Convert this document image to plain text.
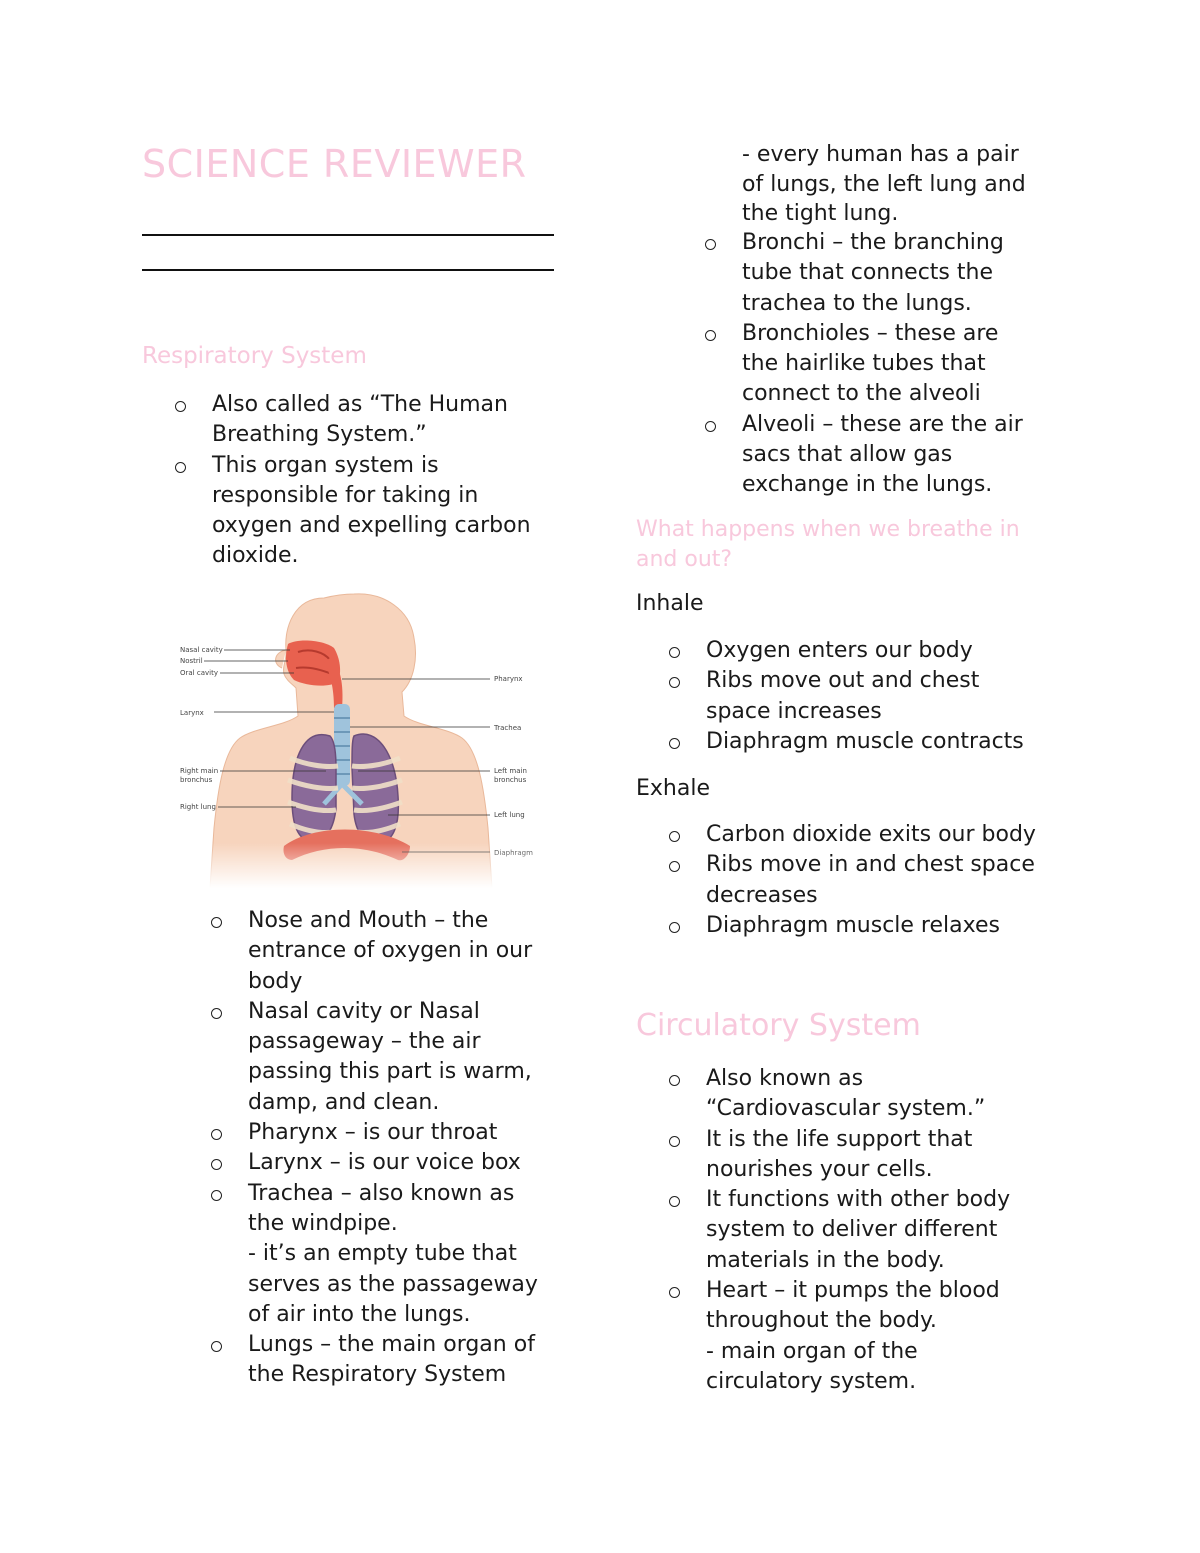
SCIENCE REVIEWER
Respiratory System
Also called as “The Human
Breathing System.”
This organ system is
responsible for taking in
oxygen and expelling carbon
dioxide.
Nose and Mouth – the
entrance of oxygen in our
body
Nasal cavity or Nasal
passageway – the air
passing this part is warm,
damp, and clean.
Pharynx – is our throat
Larynx – is our voice box
Trachea – also known as
the windpipe.
- it’s an empty tube that
serves as the passageway
of air into the lungs.
Lungs – the main organ of
the Respiratory System
- every human has a pair
of lungs, the left lung and
the tight lung.
Bronchi – the branching
tube that connects the
trachea to the lungs.
Bronchioles – these are
the hairlike tubes that
connect to the alveoli
Alveoli – these are the air
sacs that allow gas
exchange in the lungs.
What happens when we breathe in
and out?
Inhale
Oxygen enters our body
Ribs move out and chest
space increases
Diaphragm muscle contracts
Exhale
Carbon dioxide exits our body
Ribs move in and chest space
decreases
Diaphragm muscle relaxes
Circulatory System
Also known as
“Cardiovascular system.”
It is the life support that
nourishes your cells.
It functions with other body
system to deliver different
materials in the body.
Heart – it pumps the blood
throughout the body.
- main organ of the
circulatory system.
